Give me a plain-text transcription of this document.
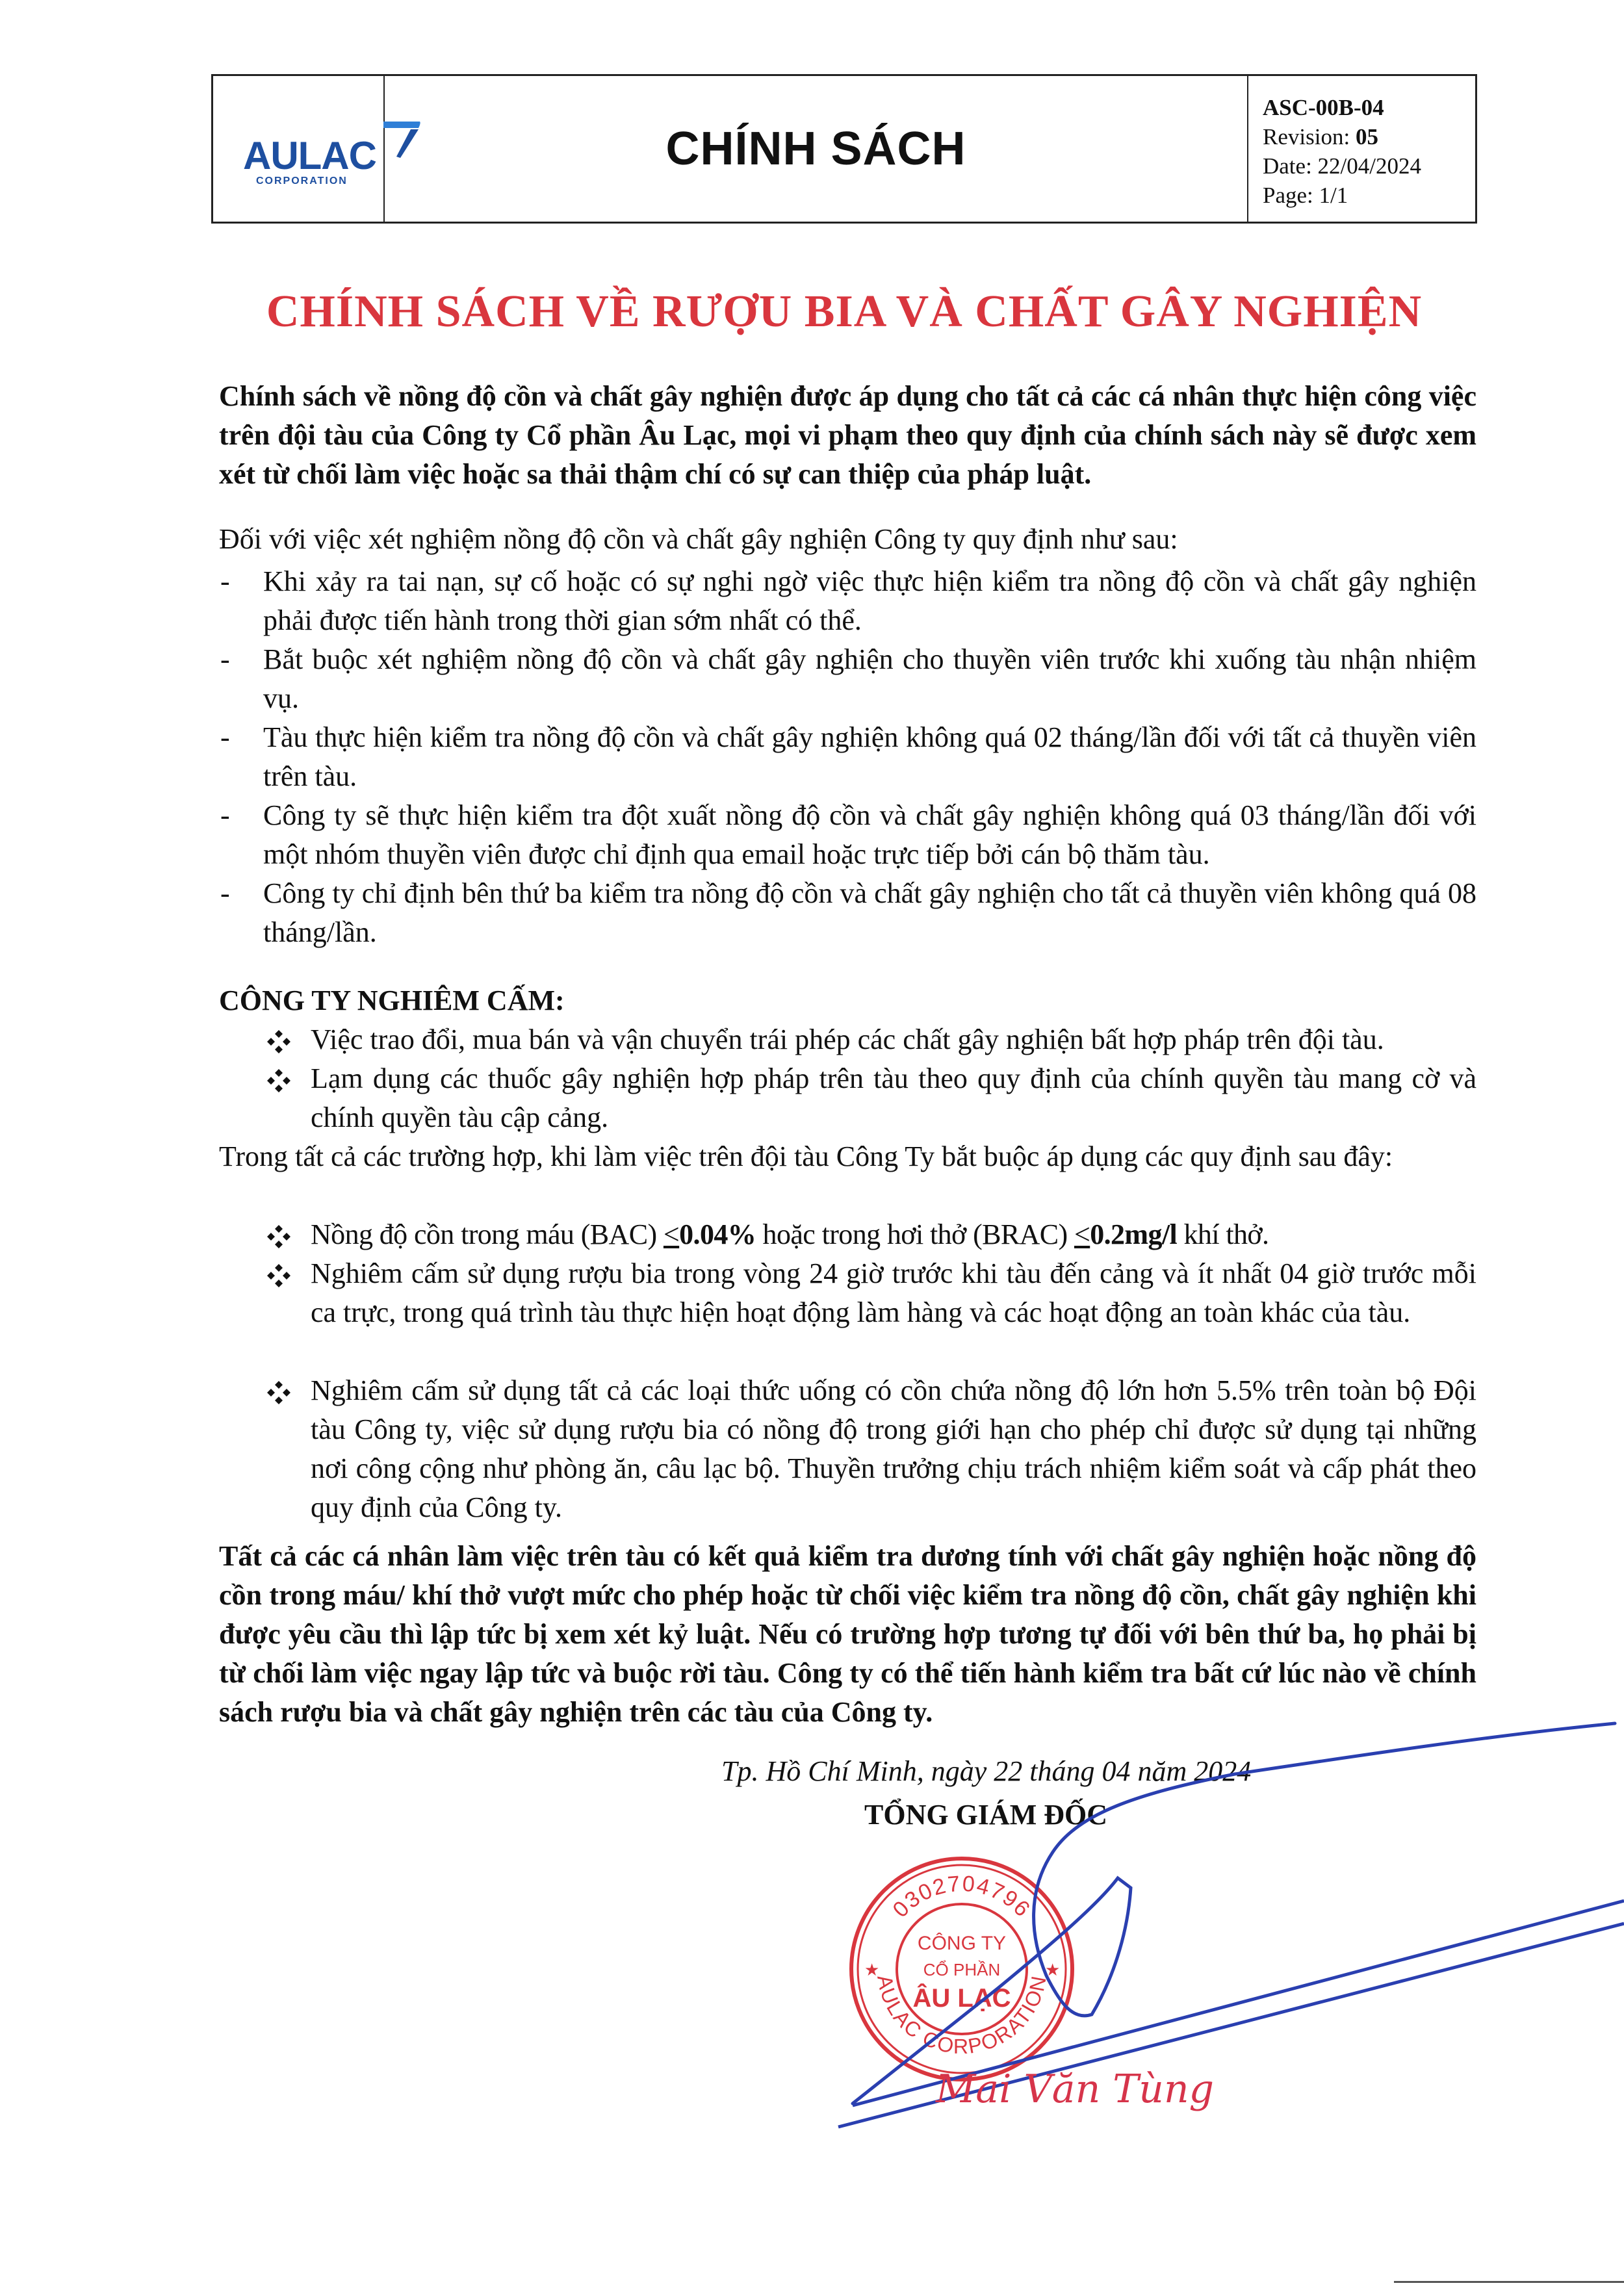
AULAC
CORPORATION
CHÍNH SÁCH
ASC-00B-04
Revision: 05
Date: 22/04/2024
Page: 1/1
CHÍNH SÁCH VỀ RƯỢU BIA VÀ CHẤT GÂY NGHIỆN
Chính sách về nồng độ cồn và chất gây nghiện được áp dụng cho tất cả các cá nhân thực hiện công việc trên đội tàu của Công ty Cổ phần Âu Lạc, mọi vi phạm theo quy định của chính sách này sẽ được xem xét từ chối làm việc hoặc sa thải thậm chí có sự can thiệp của pháp luật.
Đối với việc xét nghiệm nồng độ cồn và chất gây nghiện Công ty quy định như sau:
- Khi xảy ra tai nạn, sự cố hoặc có sự nghi ngờ việc thực hiện kiểm tra nồng độ cồn và chất gây nghiện phải được tiến hành trong thời gian sớm nhất có thể.
- Bắt buộc xét nghiệm nồng độ cồn và chất gây nghiện cho thuyền viên trước khi xuống tàu nhận nhiệm vụ.
- Tàu thực hiện kiểm tra nồng độ cồn và chất gây nghiện không quá 02 tháng/lần đối với tất cả thuyền viên trên tàu.
- Công ty sẽ thực hiện kiểm tra đột xuất nồng độ cồn và chất gây nghiện không quá 03 tháng/lần đối với một nhóm thuyền viên được chỉ định qua email hoặc trực tiếp bởi cán bộ thăm tàu.
- Công ty chỉ định bên thứ ba kiểm tra nồng độ cồn và chất gây nghiện cho tất cả thuyền viên không quá 08 tháng/lần.
CÔNG TY NGHIÊM CẤM:
Việc trao đổi, mua bán và vận chuyển trái phép các chất gây nghiện bất hợp pháp trên đội tàu.
Lạm dụng các thuốc gây nghiện hợp pháp trên tàu theo quy định của chính quyền tàu mang cờ và chính quyền tàu cập cảng.
Trong tất cả các trường hợp, khi làm việc trên đội tàu Công Ty bắt buộc áp dụng các quy định sau đây:
Nồng độ cồn trong máu (BAC) <0.04% hoặc trong hơi thở (BRAC) <0.2mg/l khí thở.
Nghiêm cấm sử dụng rượu bia trong vòng 24 giờ trước khi tàu đến cảng và ít nhất 04 giờ trước mỗi ca trực, trong quá trình tàu thực hiện hoạt động làm hàng và các hoạt động an toàn khác của tàu.
Nghiêm cấm sử dụng tất cả các loại thức uống có cồn chứa nồng độ lớn hơn 5.5% trên toàn bộ Đội tàu Công ty, việc sử dụng rượu bia có nồng độ trong giới hạn cho phép chỉ được sử dụng tại những nơi công cộng như phòng ăn, câu lạc bộ. Thuyền trưởng chịu trách nhiệm kiểm soát và cấp phát theo quy định của Công ty.
Tất cả các cá nhân làm việc trên tàu có kết quả kiểm tra dương tính với chất gây nghiện hoặc nồng độ cồn trong máu/ khí thở vượt mức cho phép hoặc từ chối việc kiểm tra nồng độ cồn, chất gây nghiện khi được yêu cầu thì lập tức bị xem xét kỷ luật. Nếu có trường hợp tương tự đối với bên thứ ba, họ phải bị từ chối làm việc ngay lập tức và buộc rời tàu. Công ty có thể tiến hành kiểm tra bất cứ lúc nào về chính sách rượu bia và chất gây nghiện trên các tàu của Công ty.
Tp. Hồ Chí Minh, ngày 22 tháng 04 năm 2024
TỔNG GIÁM ĐỐC
0302704796
AULAC CORPORATION
★	★
CÔNG TY
CỔ PHẦN
ÂU LẠC
Mai Văn Tùng
